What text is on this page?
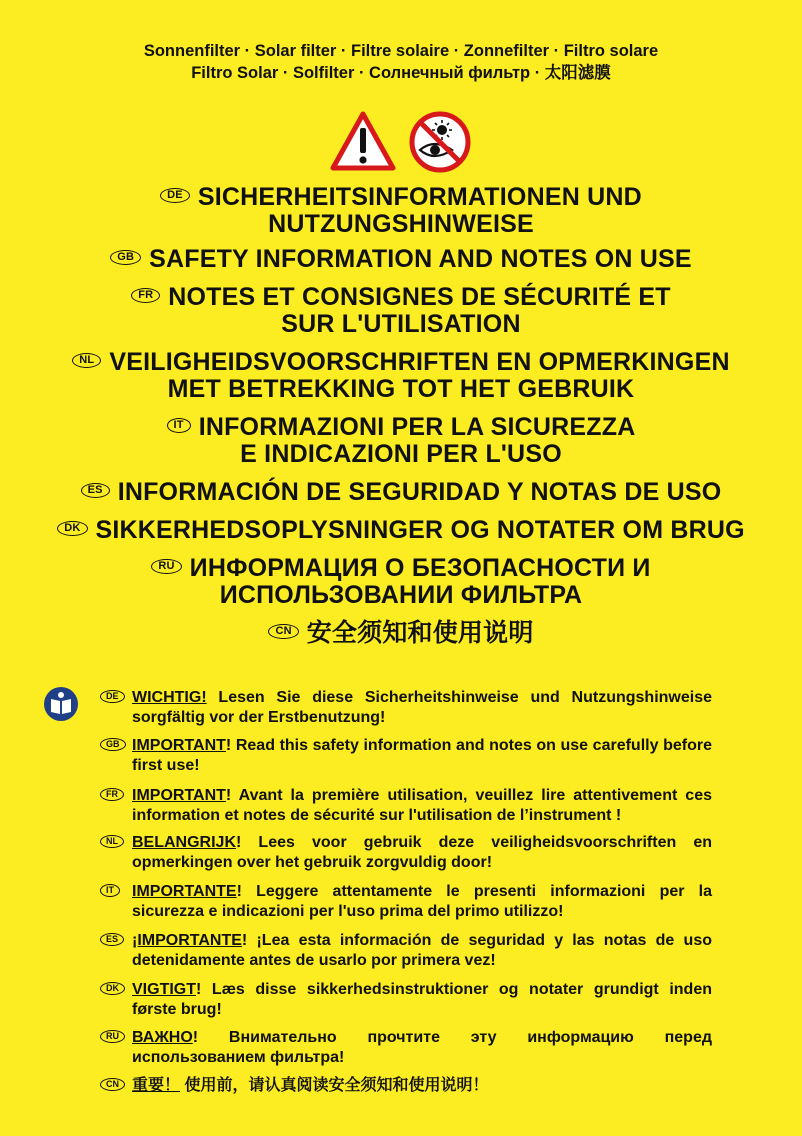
Sonnenfilter · Solar filter · Filtre solaire · Zonnefilter · Filtro solare
Filtro Solar · Solfilter · Солнечный фильтр · 太阳滤膜
DE SICHERHEITSINFORMATIONEN UND
NUTZUNGSHINWEISE
GB SAFETY INFORMATION AND NOTES ON USE
FR NOTES ET CONSIGNES DE SÉCURITÉ ET
SUR L'UTILISATION
NL VEILIGHEIDSVOORSCHRIFTEN EN OPMERKINGEN
MET BETREKKING TOT HET GEBRUIK
IT INFORMAZIONI PER LA SICUREZZA
E INDICAZIONI PER L'USO
ES INFORMACIÓN DE SEGURIDAD Y NOTAS DE USO
DK SIKKERHEDSOPLYSNINGER OG NOTATER OM BRUG
RU ИНФОРМАЦИЯ О БЕЗОПАСНОСТИ И
ИСПОЛЬЗОВАНИИ ФИЛЬТРА
CN 安全须知和使用说明
DE WICHTIG! Lesen Sie diese Sicherheitshinweise und Nutzungshinweise sorgfältig vor der Erstbenutzung!
GB IMPORTANT! Read this safety information and notes on use carefully before first use!
FR IMPORTANT! Avant la première utilisation, veuillez lire attentivement ces information et notes de sécurité sur l'utilisation de l’instrument !
NL BELANGRIJK! Lees voor gebruik deze veiligheidsvoorschriften en opmerkingen over het gebruik zorgvuldig door!
IT	IMPORTANTE! Leggere attentamente le presenti informazioni per la sicurezza e indicazioni per l'uso prima del primo utilizzo!
ES ¡IMPORTANTE! ¡Lea esta información de seguridad y las notas de uso detenidamente antes de usarlo por primera vez!
DK VIGTIGT! Læs disse sikkerhedsinstruktioner og notater grundigt inden første brug!
RU ВАЖНО! Внимательно прочтите эту информацию перед использованием фильтра!
CN 重要！ 使用前，请认真阅读安全须知和使用说明！
